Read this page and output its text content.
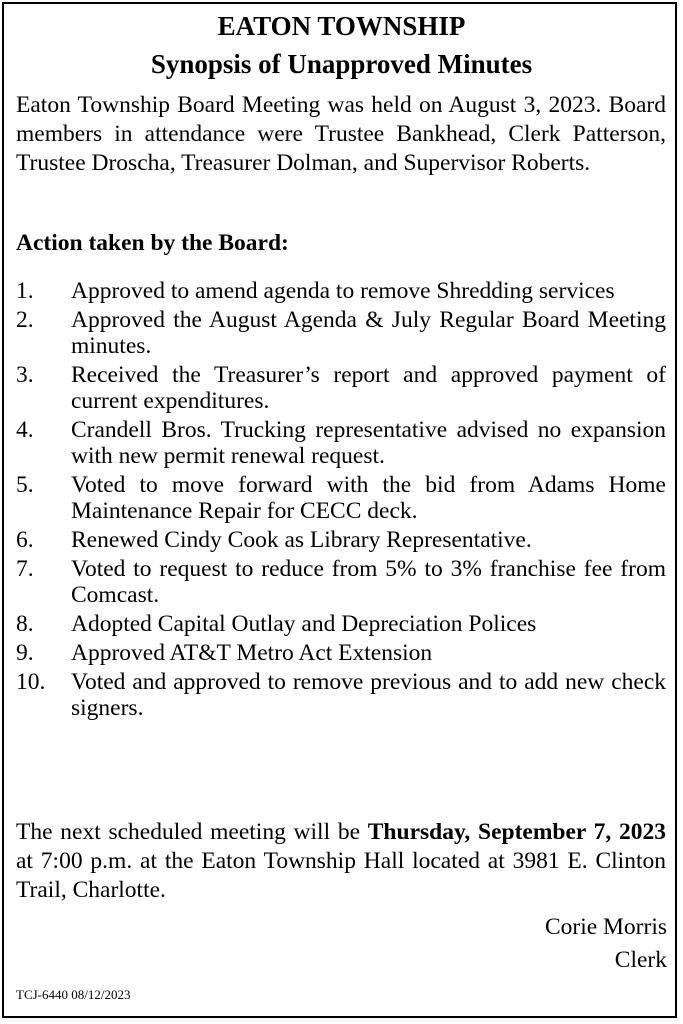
EATON TOWNSHIP
Synopsis of Unapproved Minutes

Eaton Township Board Meeting was held on August 3, 2023. Board members in attendance were Trustee Bankhead, Clerk Patterson, Trustee Droscha, Treasurer Dolman, and Supervisor Roberts.

Action taken by the Board:

1.	Approved to amend agenda to remove Shredding services
2.	Approved the August Agenda & July Regular Board Meeting minutes.
3.	Received the Treasurer’s report and approved payment of current expenditures.
4.	Crandell Bros. Trucking representative advised no expansion with new permit renewal request.
5.	Voted to move forward with the bid from Adams Home Maintenance Repair for CECC deck.
6.	Renewed Cindy Cook as Library Representative.
7.	Voted to request to reduce from 5% to 3% franchise fee from Comcast.
8.	Adopted Capital Outlay and Depreciation Polices
9.	Approved AT&T Metro Act Extension
10.	Voted and approved to remove previous and to add new check signers.

The next scheduled meeting will be Thursday, September 7, 2023 at 7:00 p.m. at the Eaton Township Hall located at 3981 E. Clinton Trail, Charlotte.

Corie Morris

Clerk

TCJ-6440 08/12/2023
